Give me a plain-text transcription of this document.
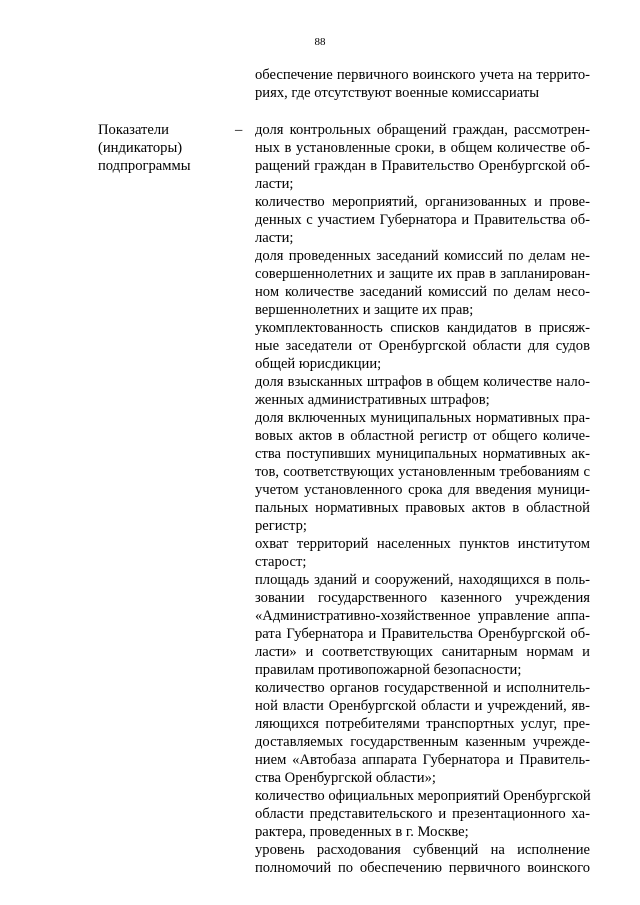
88
обеспечение первичного воинского учета на террито-
риях, где отсутствуют военные комиссариаты
Показатели
(индикаторы)
подпрограммы
– доля контрольных обращений граждан, рассмотрен-
ных в установленные сроки, в общем количестве об-
ращений граждан в Правительство Оренбургской об-
ласти;
количество мероприятий, организованных и прове-
денных с участием Губернатора и Правительства об-
ласти;
доля проведенных заседаний комиссий по делам не-
совершеннолетних и защите их прав в запланирован-
ном количестве заседаний комиссий по делам несо-
вершеннолетних и защите их прав;
укомплектованность списков кандидатов в присяж-
ные заседатели от Оренбургской области для судов
общей юрисдикции;
доля взысканных штрафов в общем количестве нало-
женных административных штрафов;
доля включенных муниципальных нормативных пра-
вовых актов в областной регистр от общего количе-
ства поступивших муниципальных нормативных ак-
тов, соответствующих установленным требованиям с
учетом установленного срока для введения муници-
пальных нормативных правовых актов в областной
регистр;
охват территорий населенных пунктов институтом
старост;
площадь зданий и сооружений, находящихся в поль-
зовании государственного казенного учреждения
«Административно-хозяйственное управление аппа-
рата Губернатора и Правительства Оренбургской об-
ласти» и соответствующих санитарным нормам и
правилам противопожарной безопасности;
количество органов государственной и исполнитель-
ной власти Оренбургской области и учреждений, яв-
ляющихся потребителями транспортных услуг, пре-
доставляемых государственным казенным учрежде-
нием «Автобаза аппарата Губернатора и Правитель-
ства Оренбургской области»;
количество официальных мероприятий Оренбургской
области представительского и презентационного ха-
рактера, проведенных в г. Москве;
уровень расходования субвенций на исполнение
полномочий по обеспечению первичного воинского
